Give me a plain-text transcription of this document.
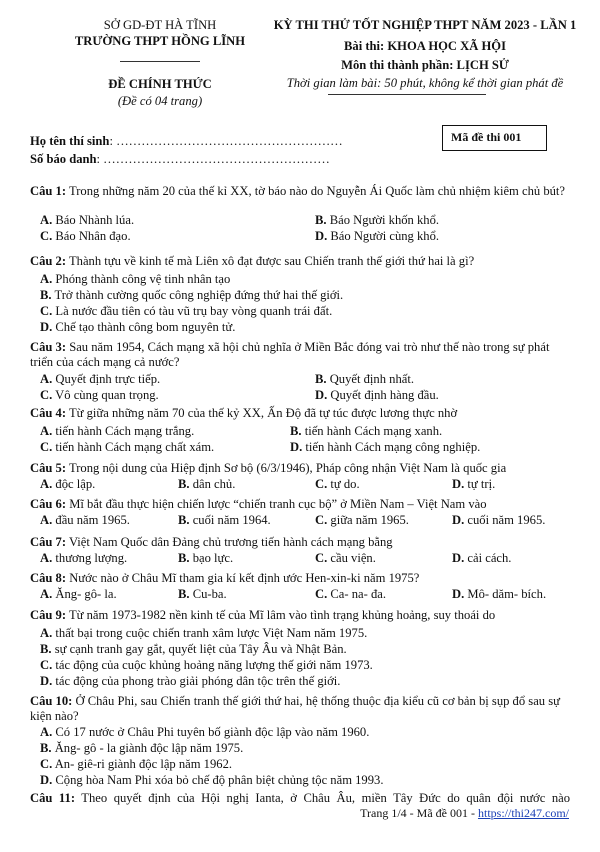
SỞ GD-ĐT HÀ TĨNH
TRƯỜNG THPT HỒNG LĨNH
ĐỀ CHÍNH THỨC
(Đề có 04 trang)
KỲ THI THỬ TỐT NGHIỆP THPT NĂM 2023 - LẦN 1
Bài thi: KHOA HỌC XÃ HỘI
Môn thi thành phần: LỊCH SỬ
Thời gian làm bài: 50 phút, không kể thời gian phát đề
Họ tên thí sinh: ………………………………………………
Số báo danh: ………………………………………………
Mã đề thi 001
Câu 1: Trong những năm 20 của thế kỉ XX, tờ báo nào do Nguyễn Ái Quốc làm chủ nhiệm kiêm chủ bút?
A. Báo Nhành lúa.	B. Báo Người khốn khổ.
C. Báo Nhân đạo.	D. Báo Người cùng khổ.
Câu 2: Thành tựu về kinh tế mà Liên xô đạt được sau Chiến tranh thế giới thứ hai là gì?
A. Phóng thành công vệ tinh nhân tạo
B. Trở thành cường quốc công nghiệp đứng thứ hai thế giới.
C. Là nước đầu tiên có tàu vũ trụ bay vòng quanh trái đất.
D. Chế tạo thành công bom nguyên tử.
Câu 3: Sau năm 1954, Cách mạng xã hội chủ nghĩa ở Miền Bắc đóng vai trò như thế nào trong sự phát triển của cách mạng cả nước?
A. Quyết định trực tiếp.	B. Quyết định nhất.
C. Vô cùng quan trọng.	D. Quyết định hàng đầu.
Câu 4: Từ giữa những năm 70 của thế kỷ XX, Ấn Độ đã tự túc được lương thực nhờ
A. tiến hành Cách mạng trắng.	B. tiến hành Cách mạng xanh.
C. tiến hành Cách mạng chất xám.	D. tiến hành Cách mạng công nghiệp.
Câu 5: Trong nội dung của Hiệp định Sơ bộ (6/3/1946), Pháp công nhận Việt Nam là quốc gia
A. độc lập.	B. dân chủ.	C. tự do.	D. tự trị.
Câu 6: Mĩ bắt đầu thực hiện chiến lược “chiến tranh cục bộ” ở Miền Nam – Việt Nam vào
A. đầu năm 1965.	B. cuối năm 1964.	C. giữa năm 1965.	D. cuối năm 1965.
Câu 7: Việt Nam Quốc dân Đảng chủ trương tiến hành cách mạng bằng
A. thương lượng.	B. bạo lực.	C. cầu viện.	D. cải cách.
Câu 8: Nước nào ở Châu Mĩ tham gia kí kết định ước Hen-xin-ki năm 1975?
A. Ăng- gô- la.	B. Cu-ba.	C. Ca- na- đa.	D. Mô- dăm- bích.
Câu 9: Từ năm 1973-1982 nền kinh tế của Mĩ lâm vào tình trạng khủng hoảng, suy thoái do
A. thất bại trong cuộc chiến tranh xâm lược Việt Nam năm 1975.
B. sự cạnh tranh gay gắt, quyết liệt của Tây Âu và Nhật Bản.
C. tác động của cuộc khủng hoảng năng lượng thế giới năm 1973.
D. tác động của phong trào giải phóng dân tộc trên thế giới.
Câu 10: Ở Châu Phi, sau Chiến tranh thế giới thứ hai, hệ thống thuộc địa kiểu cũ cơ bản bị sụp đổ sau sự kiện nào?
A. Có 17 nước ở Châu Phi tuyên bố giành độc lập vào năm 1960.
B. Ăng- gô - la giành độc lập năm 1975.
C. An- giê-ri giành độc lập năm 1962.
D. Cộng hòa Nam Phi xóa bỏ chế độ phân biệt chủng tộc năm 1993.
Câu 11: Theo quyết định của Hội nghị Ianta, ở Châu Âu, miền Tây Đức do quân đội nước nào
Trang 1/4 - Mã đề 001 - https://thi247.com/
